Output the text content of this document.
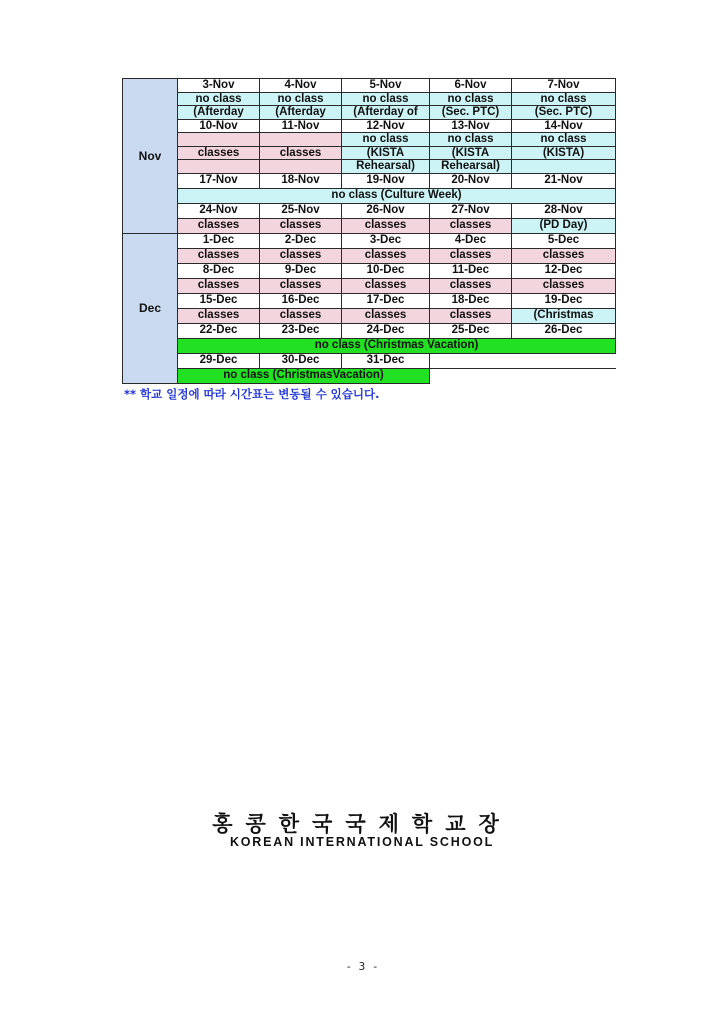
Nov	3-Nov	4-Nov	5-Nov	6-Nov	7-Nov
	no class	no class	no class	no class	no class
	(Afterday	(Afterday	(Afterday of	(Sec. PTC)	(Sec. PTC)
	10-Nov	11-Nov	12-Nov	13-Nov	14-Nov
			no class	no class	no class
	classes	classes	(KISTA	(KISTA	(KISTA)
			Rehearsal)	Rehearsal)	
	17-Nov	18-Nov	19-Nov	20-Nov	21-Nov
	no class (Culture Week)				
	24-Nov	25-Nov	26-Nov	27-Nov	28-Nov
	classes	classes	classes	classes	(PD Day)
Dec	1-Dec	2-Dec	3-Dec	4-Dec	5-Dec
	classes	classes	classes	classes	classes
	8-Dec	9-Dec	10-Dec	11-Dec	12-Dec
	classes	classes	classes	classes	classes
	15-Dec	16-Dec	17-Dec	18-Dec	19-Dec
	classes	classes	classes	classes	(Christmas
	22-Dec	23-Dec	24-Dec	25-Dec	26-Dec
	no class (Christmas Vacation)				
	29-Dec	30-Dec	31-Dec		
	no class (ChristmasVacation)				
** 학교 일정에 따라 시간표는 변동될 수 있습니다.
홍콩한국국제학교장
KOREAN INTERNATIONAL SCHOOL
- 3 -
